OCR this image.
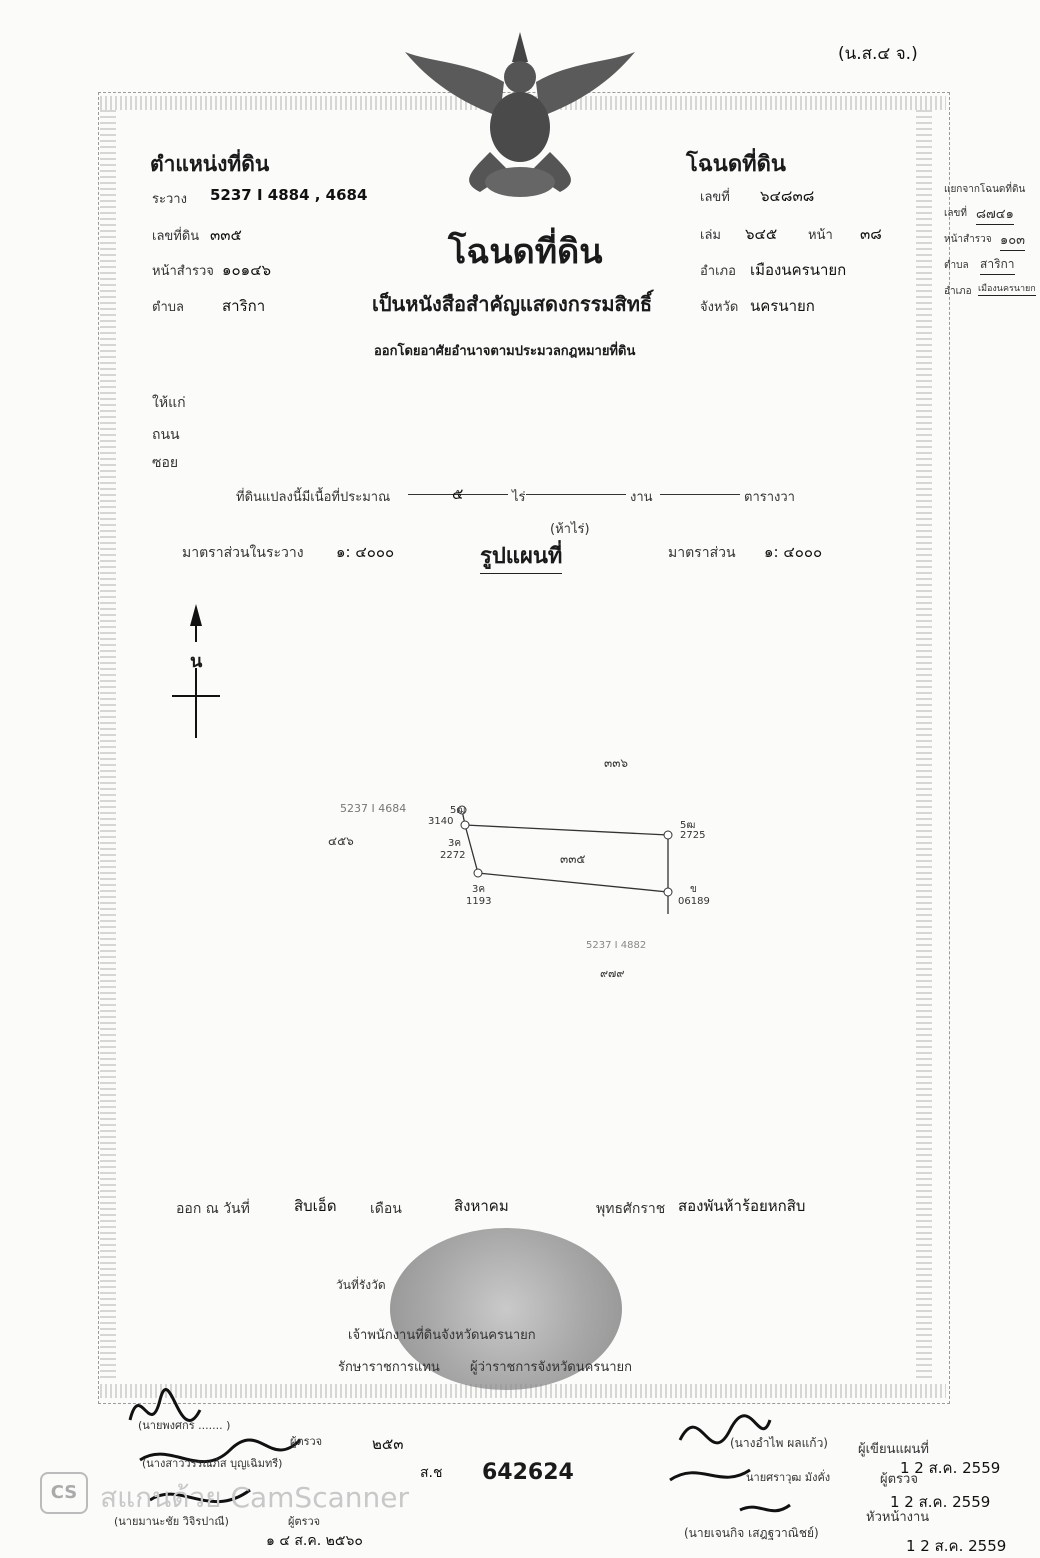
(น.ส.๔ จ.)
ตำแหน่งที่ดิน
ระวาง 5237 I 4884 , 4684
เลขที่ดิน ๓๓๕
หน้าสำรวจ ๑๐๑๔๖
ตำบล	สาริกา
โฉนดที่ดิน
เป็นหนังสือสำคัญแสดงกรรมสิทธิ์
ออกโดยอาศัยอำนาจตามประมวลกฎหมายที่ดิน
โฉนดที่ดิน
เลขที่ ๖๔๘๓๘
เล่ม ๖๔๕ หน้า ๓๘
อำเภอ เมืองนครนายก
จังหวัด นครนายก
แยกจากโฉนดที่ดิน
เลขที่ ๘๗๔๑
หน้าสำรวจ ๑๐๓
ตำบล สาริกา
อำเภอ เมืองนครนายก
ให้แก่
ถนน
ซอย
ที่ดินแปลงนี้มีเนื้อที่ประมาณ	๕	ไร่	งาน	ตารางวา
(ห้าไร่)
มาตราส่วนในระวาง ๑: ๔๐๐๐	รูปแผนที่	มาตราส่วน ๑: ๔๐๐๐
น
๓๓๖
5237 I 4684
๔๕๖
5ฒ
3140
3ค
2272
3ค
1193
5ฒ
2725
ข
06189
๓๓๕
5237 I 4882
๙๗๙
ออก ณ วันที่	สิบเอ็ด เดือน	สิงหาคม	พุทธศักราช สองพันห้าร้อยหกสิบ
วันที่รังวัด
เจ้าพนักงานที่ดินจังหวัดนครนายก
รักษาราชการแทน ผู้ว่าราชการจังหวัดนครนายก
(นายพงศกร ....... )
ผู้ตรวจ
(นางสาววรรณภัส บุญเฉิมทรี)
(นายมานะชัย วิจิรปาณี)	ผู้ตรวจ
๒๕๓
ส.ช 642624
๑ ๔ ส.ค. ๒๕๖๐
(นางอำไพ ผลแก้ว) ผู้เขียนแผนที่
นายศราวุฒ มังคั่ง	ผู้ตรวจ
(นายเจนกิจ เสฎฐวาณิชย์)
หัวหน้างาน
1 2 ส.ค. 2559
1 2 ส.ค. 2559
1 2 ส.ค. 2559
CS สแกนด้วย CamScanner
